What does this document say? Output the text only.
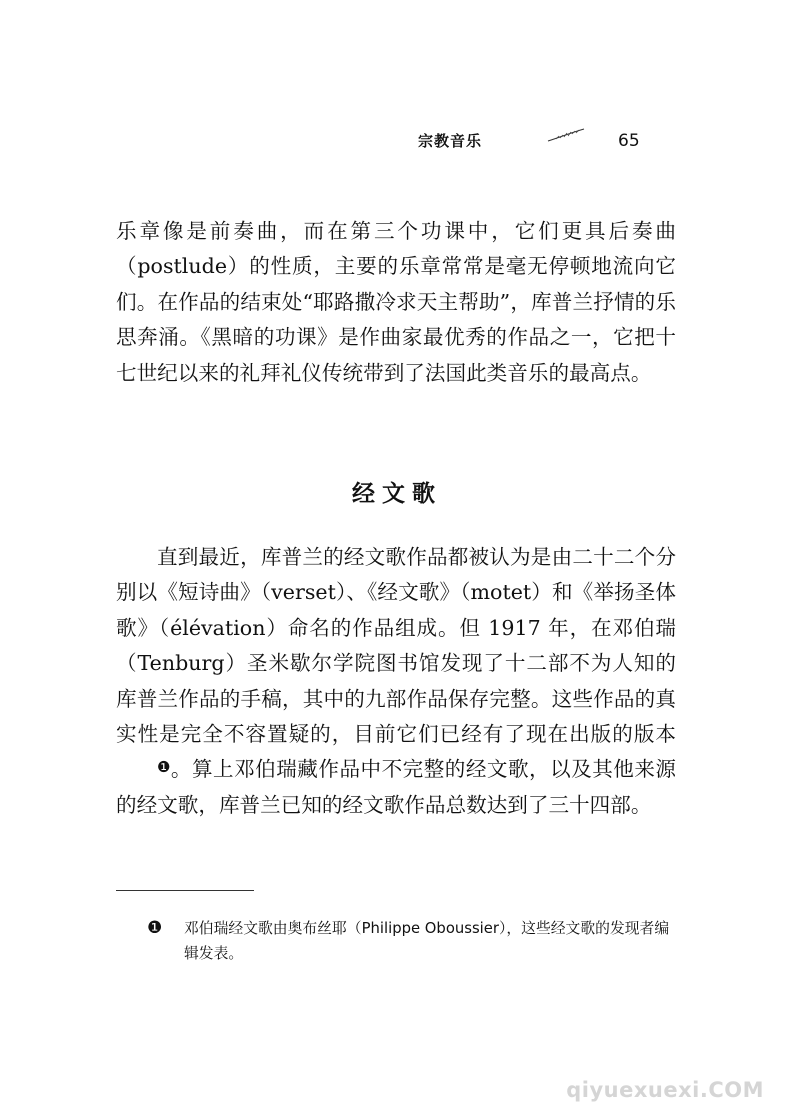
宗教音乐	65

乐章像是前奏曲，而在第三个功课中，它们更具后奏曲（postlude）的性质，主要的乐章常常是毫无停顿地流向它们。在作品的结束处“耶路撒冷求天主帮助”，库普兰抒情的乐思奔涌。《黑暗的功课》是作曲家最优秀的作品之一，它把十七世纪以来的礼拜礼仪传统带到了法国此类音乐的最高点。

经文歌

直到最近，库普兰的经文歌作品都被认为是由二十二个分别以《短诗曲》（verset）、《经文歌》（motet）和《举扬圣体歌》（élévation）命名的作品组成。但 1917 年，在邓伯瑞（Tenburg）圣米歇尔学院图书馆发现了十二部不为人知的库普兰作品的手稿，其中的九部作品保存完整。这些作品的真实性是完全不容置疑的，目前它们已经有了现在出版的版本❶。算上邓伯瑞藏作品中不完整的经文歌，以及其他来源的经文歌，库普兰已知的经文歌作品总数达到了三十四部。

❶	邓伯瑞经文歌由奥布丝耶（Philippe Oboussier），这些经文歌的发现者编辑发表。

qiyuexuexi.COM
